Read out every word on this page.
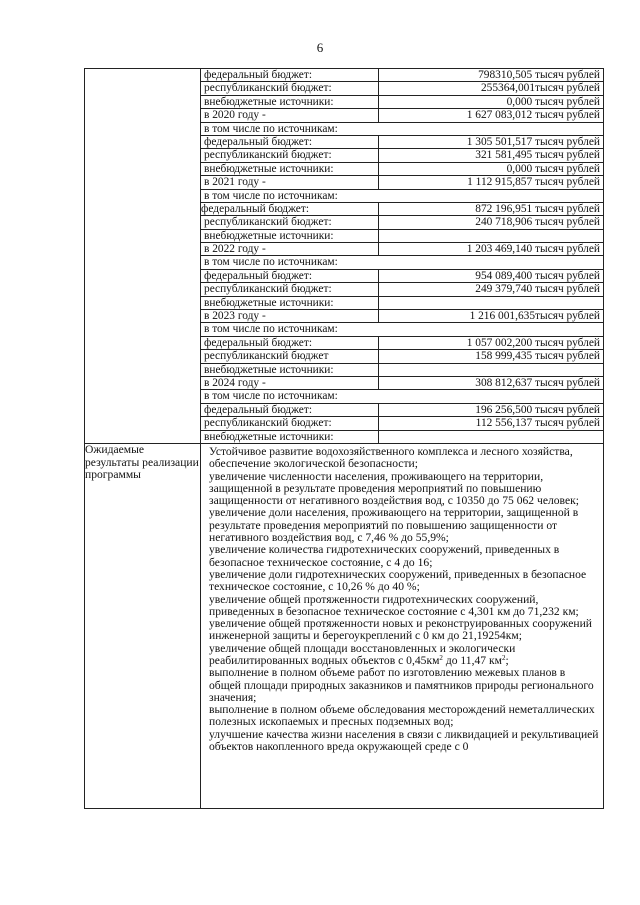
6

федеральный бюджет:	798310,505 тысяч рублей
республиканский бюджет:	255364,001тысяч рублей
внебюджетные источники:	0,000 тысяч рублей
в 2020 году -	1 627 083,012 тысяч рублей
в том числе по источникам:
федеральный бюджет:	1 305 501,517 тысяч рублей
республиканский бюджет:	321 581,495 тысяч рублей
внебюджетные источники:	0,000 тысяч рублей
в 2021 году -	1 112 915,857 тысяч рублей
в том числе по источникам:
федеральный бюджет:	872 196,951 тысяч рублей
республиканский бюджет:	240 718,906 тысяч рублей
внебюджетные источники:	
в 2022 году -	1 203 469,140 тысяч рублей
в том числе по источникам:
федеральный бюджет:	954 089,400 тысяч рублей
республиканский бюджет:	249 379,740 тысяч рублей
внебюджетные источники:	
в 2023 году -	1 216 001,635тысяч рублей
в том числе по источникам:
федеральный бюджет:	1 057 002,200 тысяч рублей
республиканский бюджет	158 999,435 тысяч рублей
внебюджетные источники:	
в 2024 году -	308 812,637 тысяч рублей
в том числе по источникам:
федеральный бюджет:	196 256,500 тысяч рублей
республиканский бюджет:	112 556,137 тысяч рублей
внебюджетные источники:	

Ожидаемые результаты реализации программы	

Устойчивое развитие водохозяйственного комплекса и лесного хозяйства, обеспечение экологической безопасности;

увеличение численности населения, проживающего на территории, защищенной в результате проведения мероприятий по повышению защищенности от негативного воздействия вод, с 10350 до 75 062 человек;

увеличение доли населения, проживающего на территории, защищенной в результате проведения мероприятий по повышению защищенности от негативного воздействия вод, с 7,46 % до 55,9%;

увеличение количества гидротехнических сооружений, приведенных в безопасное техническое состояние, с 4 до 16;

увеличение доли гидротехнических сооружений, приведенных в безопасное техническое состояние, с 10,26 % до 40 %;

увеличение общей протяженности гидротехнических сооружений, приведенных в безопасное техническое состояние с 4,301 км до 71,232 км;

увеличение общей протяженности новых и реконструированных сооружений инженерной защиты и берегоукреплений с 0 км до 21,19254км;

увеличение общей площади восстановленных и экологически реабилитированных водных объектов с $0,45км^2$ до 11,47 $км^2$;

выполнение в полном объеме работ по изготовлению межевых планов в общей площади природных заказников и памятников природы регионального значения;

выполнение в полном объеме обследования месторождений неметаллических полезных ископаемых и пресных подземных вод;

улучшение качества жизни населения в связи с ликвидацией и рекультивацией объектов накопленного вреда окружающей среде с 0
